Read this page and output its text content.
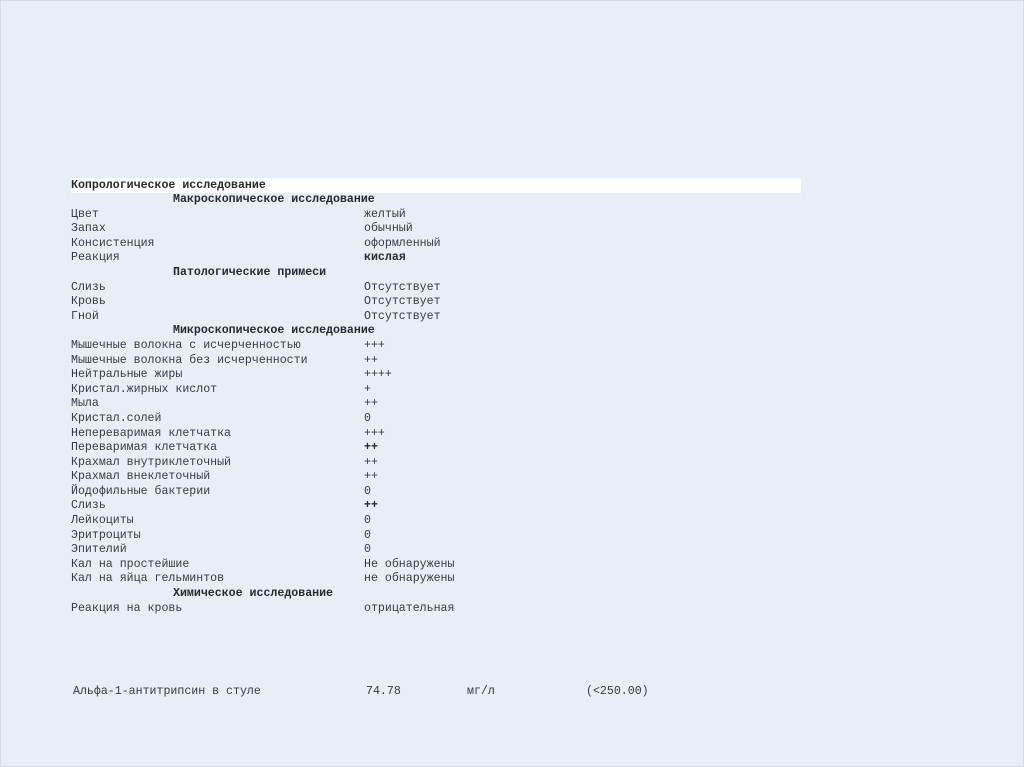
Копрологическое исследование
Макроскопическое исследование
Цвет	желтый
Запах	обычный
Консистенция	оформленный
Реакция	кислая
Патологические примеси
Слизь	Отсутствует
Кровь	Отсутствует
Гной	Отсутствует
Микроскопическое исследование
Мышечные волокна с исчерченностью	+++
Мышечные волокна без исчерченности	++
Нейтральные жиры	++++
Кристал.жирных кислот	+
Мыла	++
Кристал.солей	0
Непереваримая клетчатка	+++
Переваримая клетчатка	++
Крахмал внутриклеточный	++
Крахмал внеклеточный	++
Йодофильные бактерии	0
Слизь	++
Лейкоциты	0
Эритроциты	0
Эпителий	0
Кал на простейшие	Не обнаружены
Кал на яйца гельминтов	не обнаружены
Химическое исследование
Реакция на кровь	отрицательная
Альфа-1-антитрипсин в стуле	74.78	мг/л	(<250.00)
